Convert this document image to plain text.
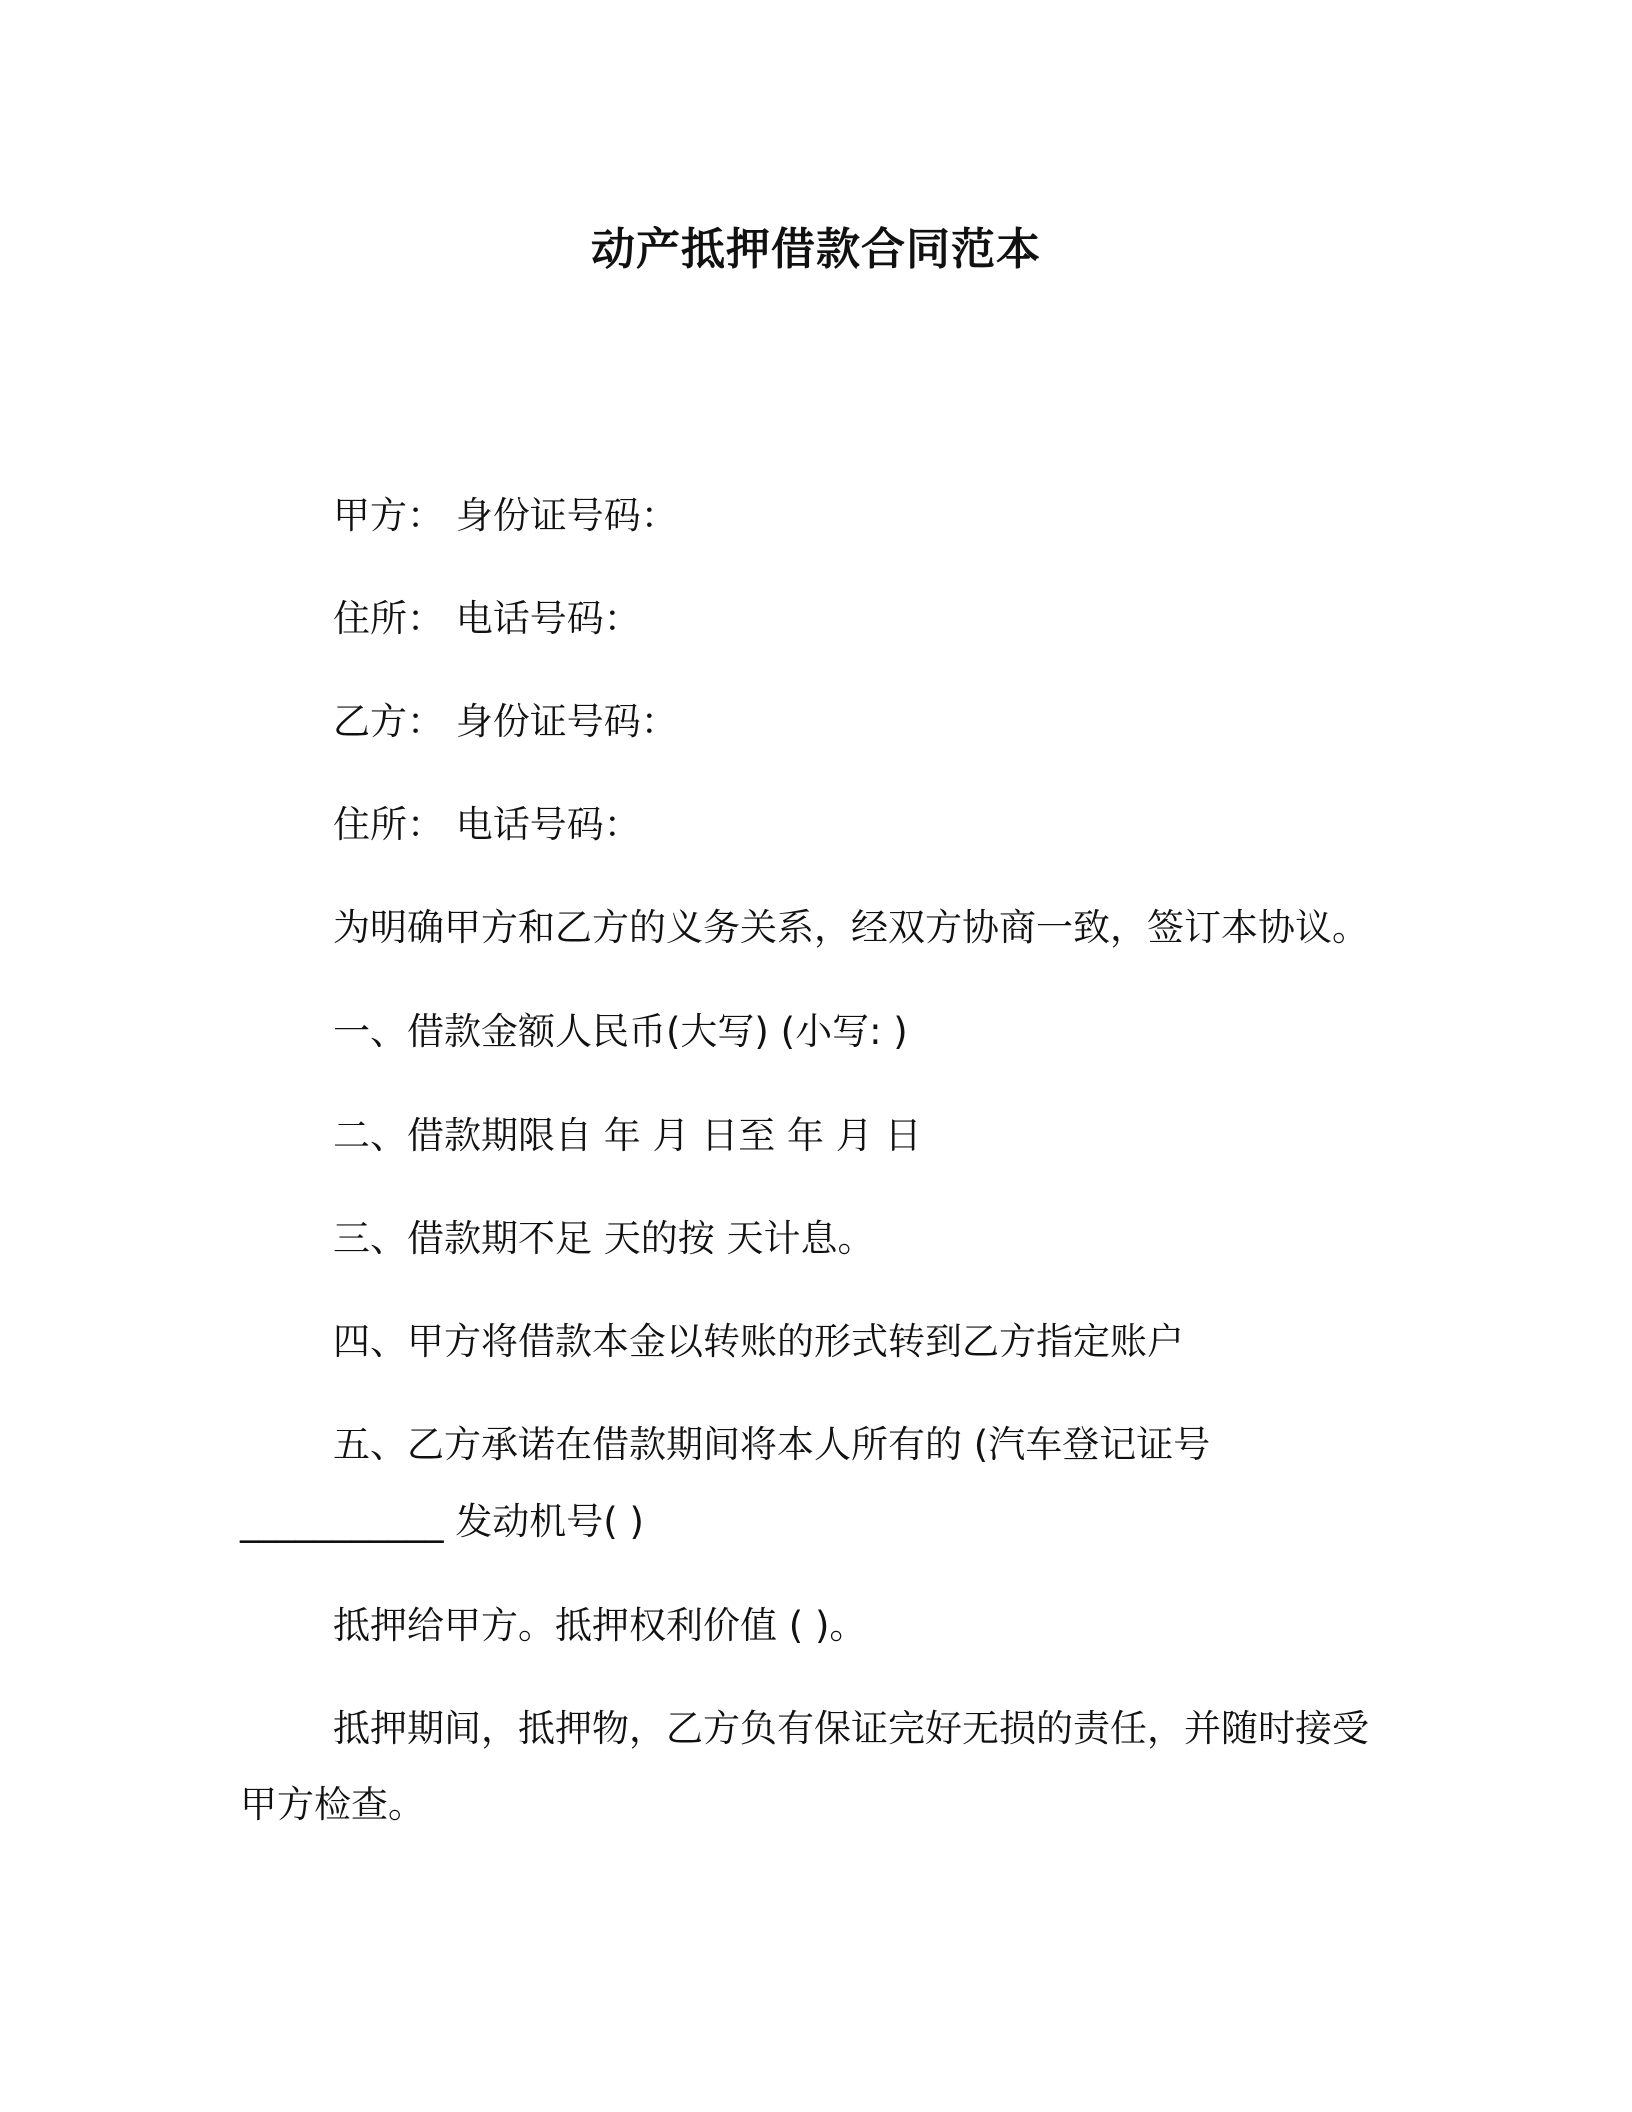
动产抵押借款合同范本
甲方： 身份证号码：
住所： 电话号码：
乙方： 身份证号码：
住所： 电话号码：
为明确甲方和乙方的义务关系，经双方协商一致，签订本协议。
一、借款金额人民币(大写) (小写: )
二、借款期限自 年 月 日至 年 月 日
三、借款期不足 天的按 天计息。
四、甲方将借款本金以转账的形式转到乙方指定账户
五、乙方承诺在借款期间将本人所有的 (汽车登记证号
___________ 发动机号( )
抵押给甲方。抵押权利价值 ( )。
抵押期间，抵押物，乙方负有保证完好无损的责任，并随时接受
甲方检查。
